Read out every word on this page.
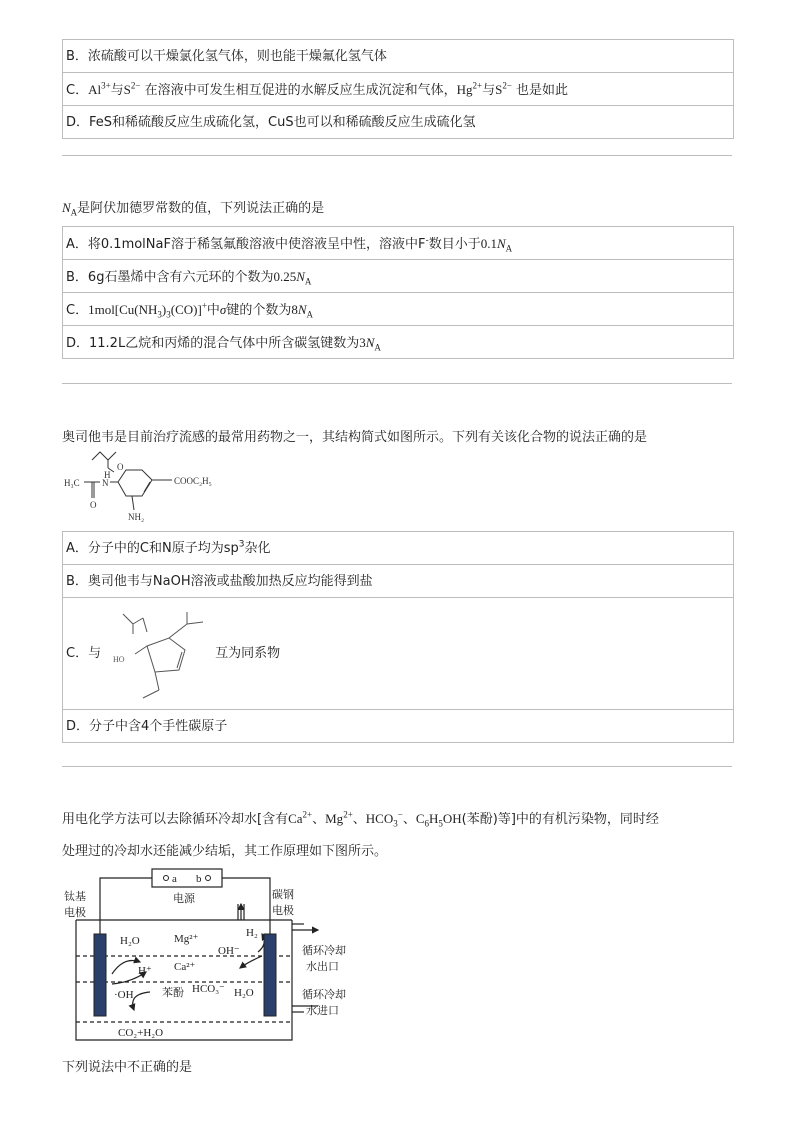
B．浓硫酸可以干燥氯化氢气体，则也能干燥氟化氢气体
C．$Al^{3+}$与$S^{2-}$ 在溶液中可发生相互促进的水解反应生成沉淀和气体，$Hg^{2+}$与$S^{2-}$ 也是如此
D．FeS和稀硫酸反应生成硫化氢，CuS也可以和稀硫酸反应生成硫化氢
$N_A$是阿伏加德罗常数的值，下列说法正确的是
A．将0.1molNaF溶于稀氢氟酸溶液中使溶液呈中性，溶液中F-数目小于$0.1N_A$
B．6g石墨烯中含有六元环的个数为$0.25N_A$
C．$1mol[Cu(NH_3)_3(CO)]^+$中σ键的个数为$8N_A$
D．11.2L乙烷和丙烯的混合气体中所含碳氢键数为$3N_A$
奥司他韦是目前治疗流感的最常用药物之一，其结构简式如图所示。下列有关该化合物的说法正确的是
O
H
N
H₃C
O
COOC₂H₅
NH₂
A．分子中的C和N原子均为$sp^3$杂化
B．奥司他韦与NaOH溶液或盐酸加热反应均能得到盐
C．与	互为同系物
HO
D．分子中含4个手性碳原子
用电化学方法可以去除循环冷却水[含有$Ca^{2+}$、$Mg^{2+}$、$HCO_3^-$、$C_6H_5OH$(苯酚)等]中的有机污染物，同时经
处理过的冷却水还能减少结垢，其工作原理如下图所示。
a b
电源
钛基
电极
碳钢
电极
H₂O	Mg²⁺
OH⁻
H₂
Ca²⁺
H⁺
·OH	苯酚 HCO₃⁻ H₂O
CO₂+H₂O
循环冷却
水出口
循环冷却
水进口
下列说法中不正确的是
